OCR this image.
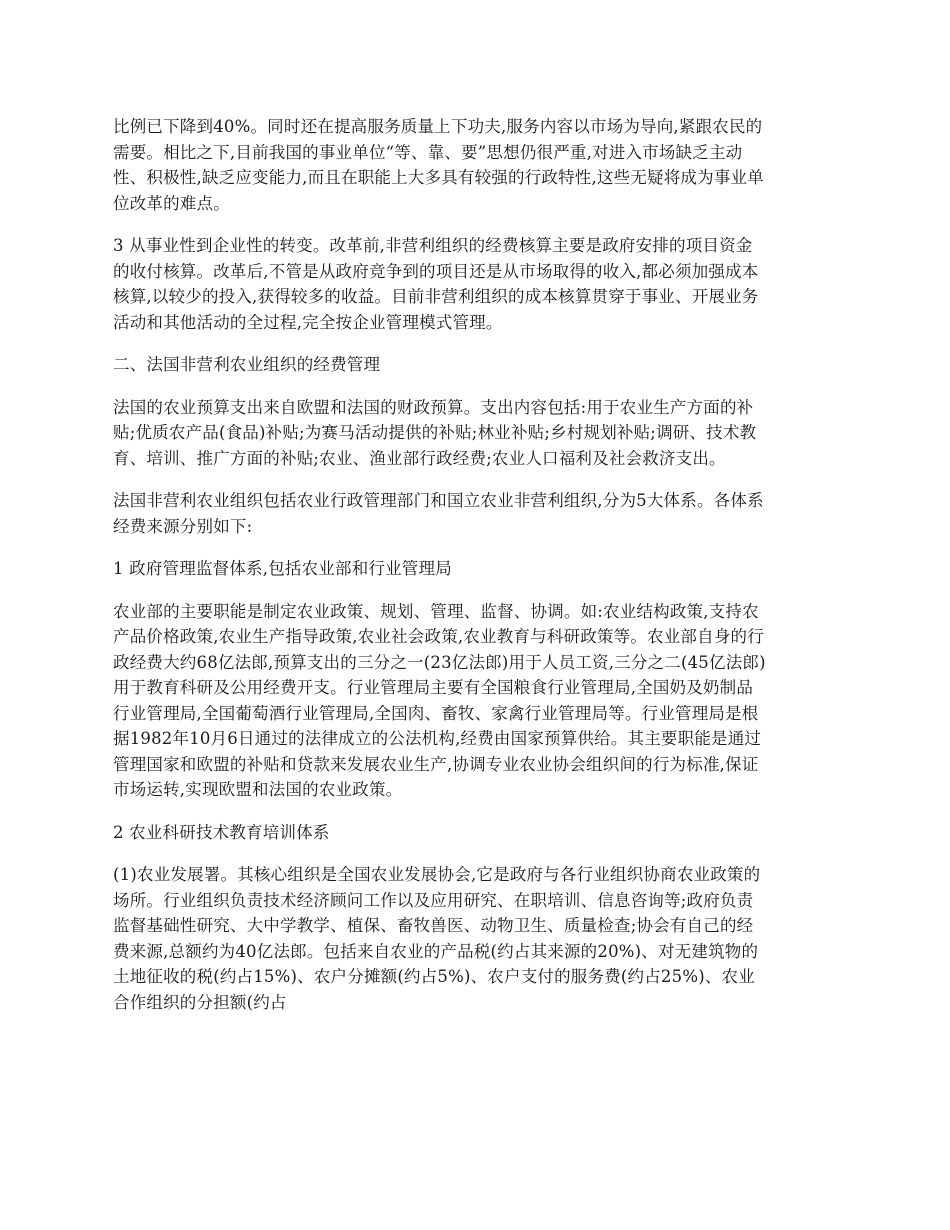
比例已下降到40%。同时还在提高服务质量上下功夫,服务内容以市场为导向,紧跟农民的需要。相比之下,目前我国的事业单位“等、靠、要”思想仍很严重,对进入市场缺乏主动性、积极性,缺乏应变能力,而且在职能上大多具有较强的行政特性,这些无疑将成为事业单位改革的难点。

3 从事业性到企业性的转变。改革前,非营利组织的经费核算主要是政府安排的项目资金的收付核算。改革后,不管是从政府竞争到的项目还是从市场取得的收入,都必须加强成本核算,以较少的投入,获得较多的收益。目前非营利组织的成本核算贯穿于事业、开展业务活动和其他活动的全过程,完全按企业管理模式管理。

二、法国非营利农业组织的经费管理

法国的农业预算支出来自欧盟和法国的财政预算。支出内容包括:用于农业生产方面的补贴;优质农产品(食品)补贴;为赛马活动提供的补贴;林业补贴;乡村规划补贴;调研、技术教育、培训、推广方面的补贴;农业、渔业部行政经费;农业人口福利及社会救济支出。

法国非营利农业组织包括农业行政管理部门和国立农业非营利组织,分为5大体系。各体系经费来源分别如下:

1 政府管理监督体系,包括农业部和行业管理局

农业部的主要职能是制定农业政策、规划、管理、监督、协调。如:农业结构政策,支持农产品价格政策,农业生产指导政策,农业社会政策,农业教育与科研政策等。农业部自身的行政经费大约68亿法郎,预算支出的三分之一(23亿法郎)用于人员工资,三分之二(45亿法郎)用于教育科研及公用经费开支。行业管理局主要有全国粮食行业管理局,全国奶及奶制品行业管理局,全国葡萄酒行业管理局,全国肉、畜牧、家禽行业管理局等。行业管理局是根据1982年10月6日通过的法律成立的公法机构,经费由国家预算供给。其主要职能是通过管理国家和欧盟的补贴和贷款来发展农业生产,协调专业农业协会组织间的行为标准,保证市场运转,实现欧盟和法国的农业政策。

2 农业科研技术教育培训体系

(1)农业发展署。其核心组织是全国农业发展协会,它是政府与各行业组织协商农业政策的场所。行业组织负责技术经济顾问工作以及应用研究、在职培训、信息咨询等;政府负责监督基础性研究、大中学教学、植保、畜牧兽医、动物卫生、质量检查;协会有自己的经费来源,总额约为40亿法郎。包括来自农业的产品税(约占其来源的20%)、对无建筑物的土地征收的税(约占15%)、农户分摊额(约占5%)、农户支付的服务费(约占25%)、农业合作组织的分担额(约占
